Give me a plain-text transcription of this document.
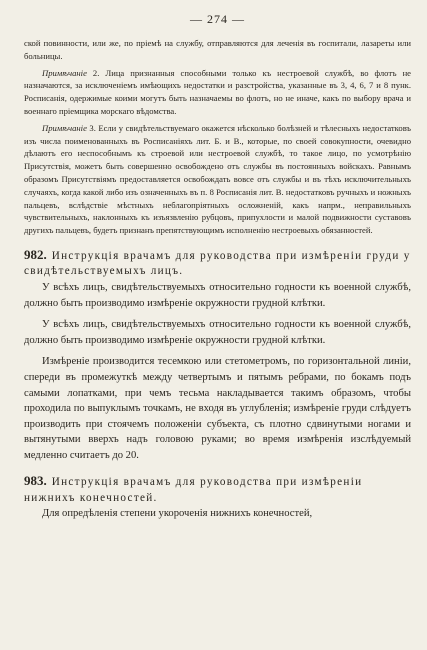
— 274 —

ской повинности, или же, по пріемѣ на службу, отправляются для леченія въ госпитали, лазареты или больницы.

Примѣчаніе 2. Лица признанныя способными только къ нестроевой службѣ, во флотъ не назначаются, за исключеніемъ имѣющихъ недостатки и разстройства, указанные въ 3, 4, 6, 7 и 8 пунк. Росписанія, одержимые коими могутъ быть назначаемы во флотъ, но не иначе, какъ по выбору врача и военнаго пріемщика морскаго вѣдомства.

Примѣчаніе 3. Если у свидѣтельствуемаго окажется нѣсколько болѣзней и тѣлесныхъ недостатковъ изъ числа поименованныхъ въ Росписаніяхъ лит. Б. и В., которые, по своей совокупности, очевидно дѣлаютъ его неспособнымъ къ строевой или нестроевой службѣ, то такое лицо, по усмотрѣнію Присутствія, можетъ быть совершенно освобождено отъ службы въ постоянныхъ войскахъ. Равнымъ образомъ Присутствіямъ предоставляется освобождать вовсе отъ службы и въ тѣхъ исключительныхъ случаяхъ, когда какой либо изъ означенныхъ въ п. 8 Росписанія лит. В. недостатковъ ручныхъ и ножныхъ пальцевъ, вслѣдствіе мѣстныхъ неблагопріятныхъ осложненій, какъ напрм., неправильныхъ чувствительныхъ, наклонныхъ къ изъязвленію рубцовъ, припухлости и малой подвижности суставовъ другихъ пальцевъ, будетъ признанъ препятствующимъ исполненію нестроевыхъ обязанностей.

982. Инструкція врачамъ для руководства при измѣреніи груди у свидѣтельствуемыхъ лицъ.

У всѣхъ лицъ, свидѣтельствуемыхъ относительно годности къ военной службѣ, должно быть производимо измѣреніе окружности грудной клѣтки.

У всѣхъ лицъ, свидѣтельствуемыхъ относительно годности къ военной службѣ, должно быть производимо измѣреніе окружности грудной клѣтки.

Измѣреніе производится тесемкою или стетометромъ, по горизонтальной линіи, спереди въ промежуткѣ между четвертымъ и пятымъ ребрами, по бокамъ подъ самыми лопатками, при чемъ тесьма накладывается такимъ образомъ, чтобы проходила по выпуклымъ точкамъ, не входя въ углубленія; измѣреніе груди слѣдуетъ производить при стоячемъ положеніи субъекта, съ плотно сдвинутыми ногами и вытянутыми вверхъ надъ головою руками; во время измѣренія изслѣдуемый медленно считаетъ до 20.

983. Инструкція врачамъ для руководства при измѣреніи нижнихъ конечностей.

Для опредѣленія степени укороченія нижнихъ конечностей,
